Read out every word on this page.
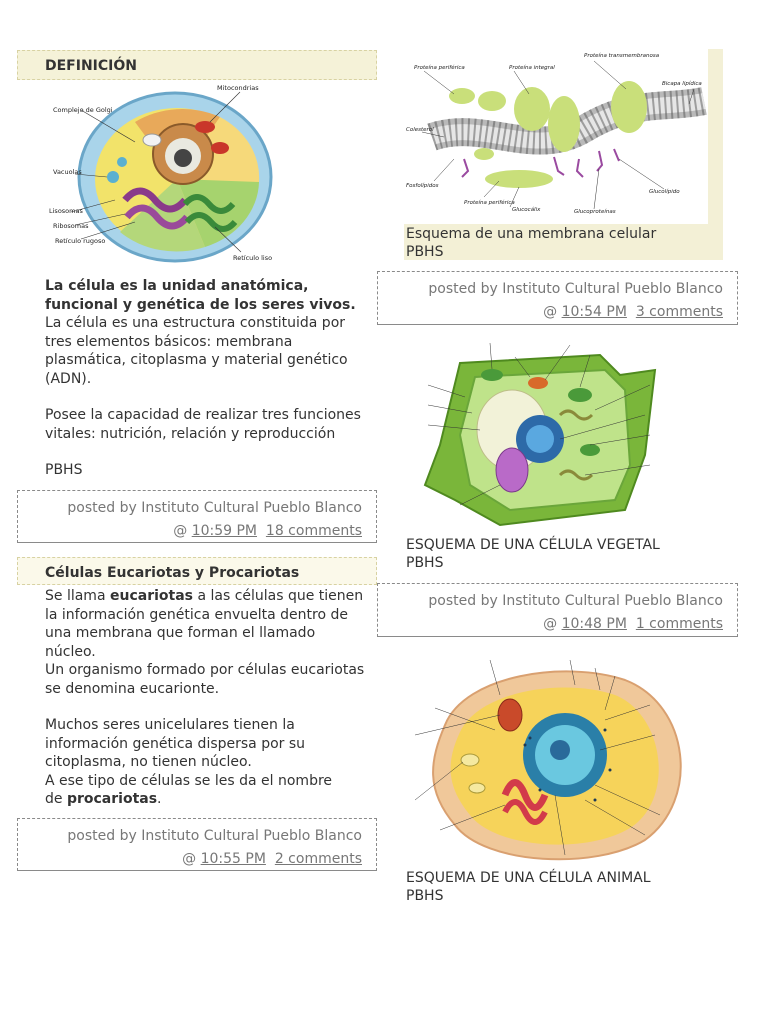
DEFINICIÓN
Complejo de Golgi
Mitocondrias
Vacuolas
Lisosomas
Ribosomas
Retículo rugoso
Retículo liso

La célula es la unidad anatómica,

funcional y genética de los seres vivos.

La célula es una estructura constituida por

tres elementos básicos: membrana

plasmática, citoplasma y material genético

(ADN).

Posee la capacidad de realizar tres funciones

vitales: nutrición, relación y reproducción

PBHS

posted by Instituto Cultural Pueblo Blanco
@ 10:59 PM 18 comments
Células Eucariotas y Procariotas

Se llama eucariotas a las células que tienen

la información genética envuelta dentro de

una membrana que forman el llamado

núcleo.

Un organismo formado por células eucariotas

se denomina eucarionte.

Muchos seres unicelulares tienen la

información genética dispersa por su

citoplasma, no tienen núcleo.

A ese tipo de células se les da el nombre

de procariotas.

posted by Instituto Cultural Pueblo Blanco
@ 10:55 PM 2 comments
Proteína periférica	Proteína integral
Proteína transmembranosa
Bicapa lipídica
Colesterol
Fosfolípidos
Proteína periférica
Glucocálix	Glucoproteínas
Glucolípido
Esquema de una membrana celular
PBHS
posted by Instituto Cultural Pueblo Blanco
@ 10:54 PM 3 comments
ESQUEMA DE UNA CÉLULA VEGETAL
PBHS
posted by Instituto Cultural Pueblo Blanco
@ 10:48 PM 1 comments
ESQUEMA DE UNA CÉLULA ANIMAL
PBHS
